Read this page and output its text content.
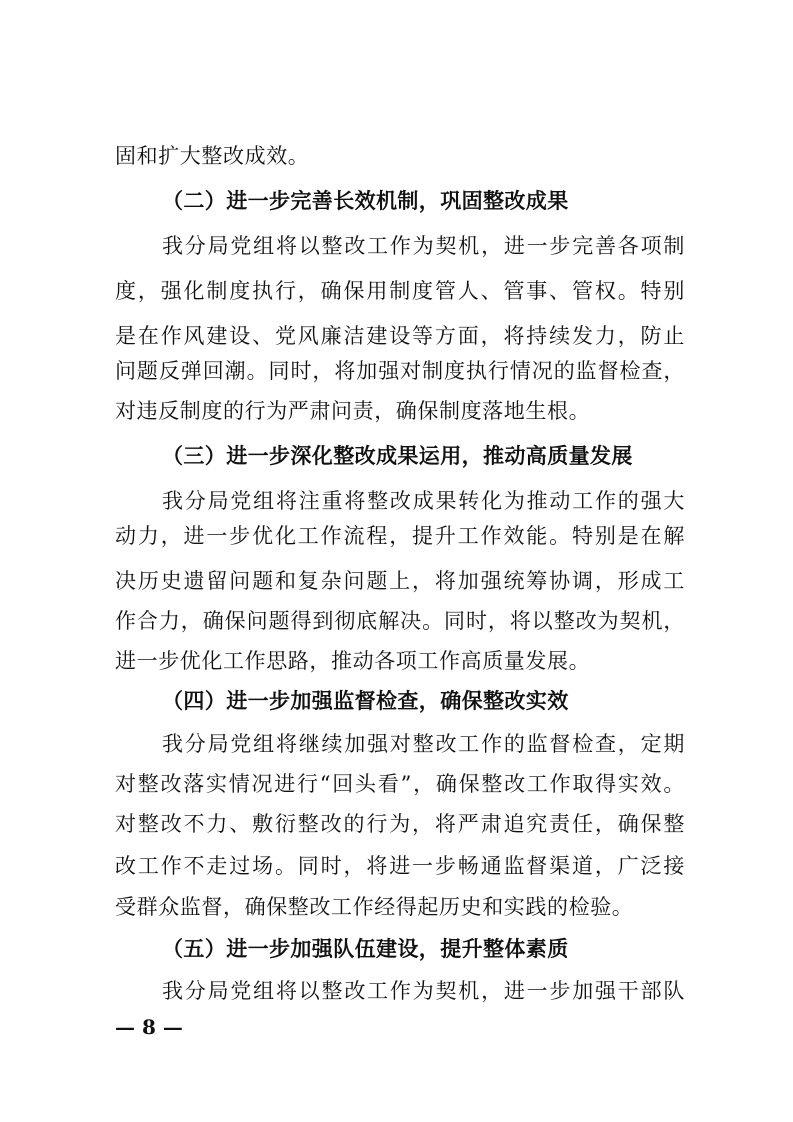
固和扩大整改成效。
（二）进一步完善长效机制，巩固整改成果
我分局党组将以整改工作为契机，进一步完善各项制
度，强化制度执行，确保用制度管人、管事、管权。特别
是在作风建设、党风廉洁建设等方面，将持续发力，防止
问题反弹回潮。同时，将加强对制度执行情况的监督检查，
对违反制度的行为严肃问责，确保制度落地生根。
（三）进一步深化整改成果运用，推动高质量发展
我分局党组将注重将整改成果转化为推动工作的强大
动力，进一步优化工作流程，提升工作效能。特别是在解
决历史遗留问题和复杂问题上，将加强统筹协调，形成工
作合力，确保问题得到彻底解决。同时，将以整改为契机，
进一步优化工作思路，推动各项工作高质量发展。
（四）进一步加强监督检查，确保整改实效
我分局党组将继续加强对整改工作的监督检查，定期
对整改落实情况进行“回头看”，确保整改工作取得实效。
对整改不力、敷衍整改的行为，将严肃追究责任，确保整
改工作不走过场。同时，将进一步畅通监督渠道，广泛接
受群众监督，确保整改工作经得起历史和实践的检验。
（五）进一步加强队伍建设，提升整体素质
我分局党组将以整改工作为契机，进一步加强干部队
— 8 —
